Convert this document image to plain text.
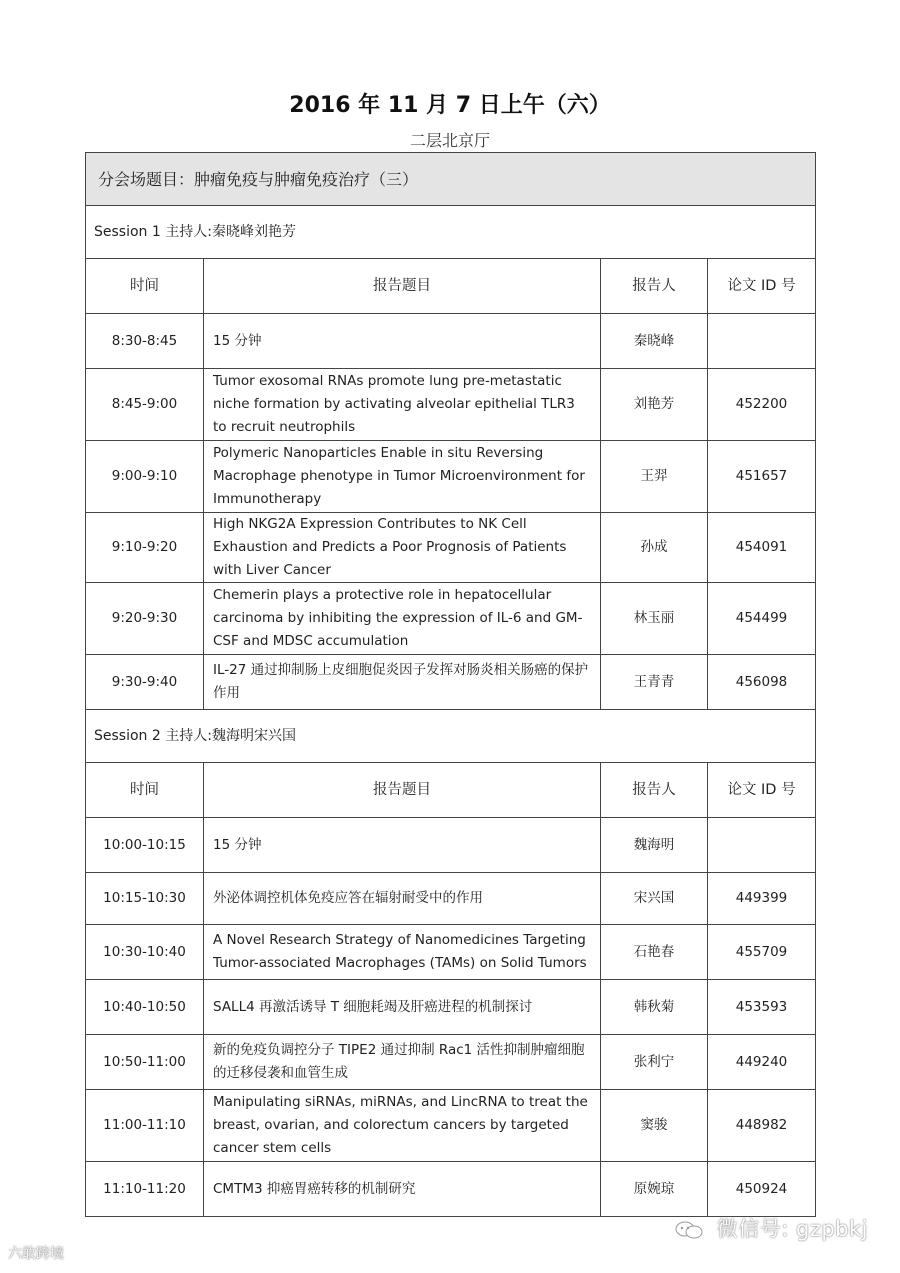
2016 年 11 月 7 日上午（六）
二层北京厅
分会场题目：肿瘤免疫与肿瘤免疫治疗（三）			
Session 1 主持人:秦晓峰刘艳芳			
时间	报告题目	报告人	论文 ID 号
8:30-8:45	15 分钟	秦晓峰	
8:45-9:00	Tumor exosomal RNAs promote lung pre-metastatic niche formation by activating alveolar epithelial TLR3 to recruit neutrophils	刘艳芳	452200
9:00-9:10	Polymeric Nanoparticles Enable in situ Reversing Macrophage phenotype in Tumor Microenvironment for Immunotherapy	王羿	451657
9:10-9:20	High NKG2A Expression Contributes to NK Cell Exhaustion and Predicts a Poor Prognosis of Patients with Liver Cancer	孙成	454091
9:20-9:30	Chemerin plays a protective role in hepatocellular carcinoma by inhibiting the expression of IL-6 and GM-CSF and MDSC accumulation	林玉丽	454499
9:30-9:40	IL-27 通过抑制肠上皮细胞促炎因子发挥对肠炎相关肠癌的保护作用	王青青	456098
Session 2 主持人:魏海明宋兴国			
时间	报告题目	报告人	论文 ID 号
10:00-10:15	15 分钟	魏海明	
10:15-10:30	外泌体调控机体免疫应答在辐射耐受中的作用	宋兴国	449399
10:30-10:40	A Novel Research Strategy of Nanomedicines Targeting Tumor-associated Macrophages (TAMs) on Solid Tumors	石艳春	455709
10:40-10:50	SALL4 再激活诱导 T 细胞耗竭及肝癌进程的机制探讨	韩秋菊	453593
10:50-11:00	新的免疫负调控分子 TIPE2 通过抑制 Rac1 活性抑制肿瘤细胞的迁移侵袭和血管生成	张利宁	449240
11:00-11:10	Manipulating siRNAs, miRNAs, and LincRNA to treat the breast, ovarian, and colorectum cancers by targeted cancer stem cells	窦骏	448982
11:10-11:20	CMTM3 抑癌胃癌转移的机制研究	原婉琼	450924
六敢跨境
微信号: gzpbkj
